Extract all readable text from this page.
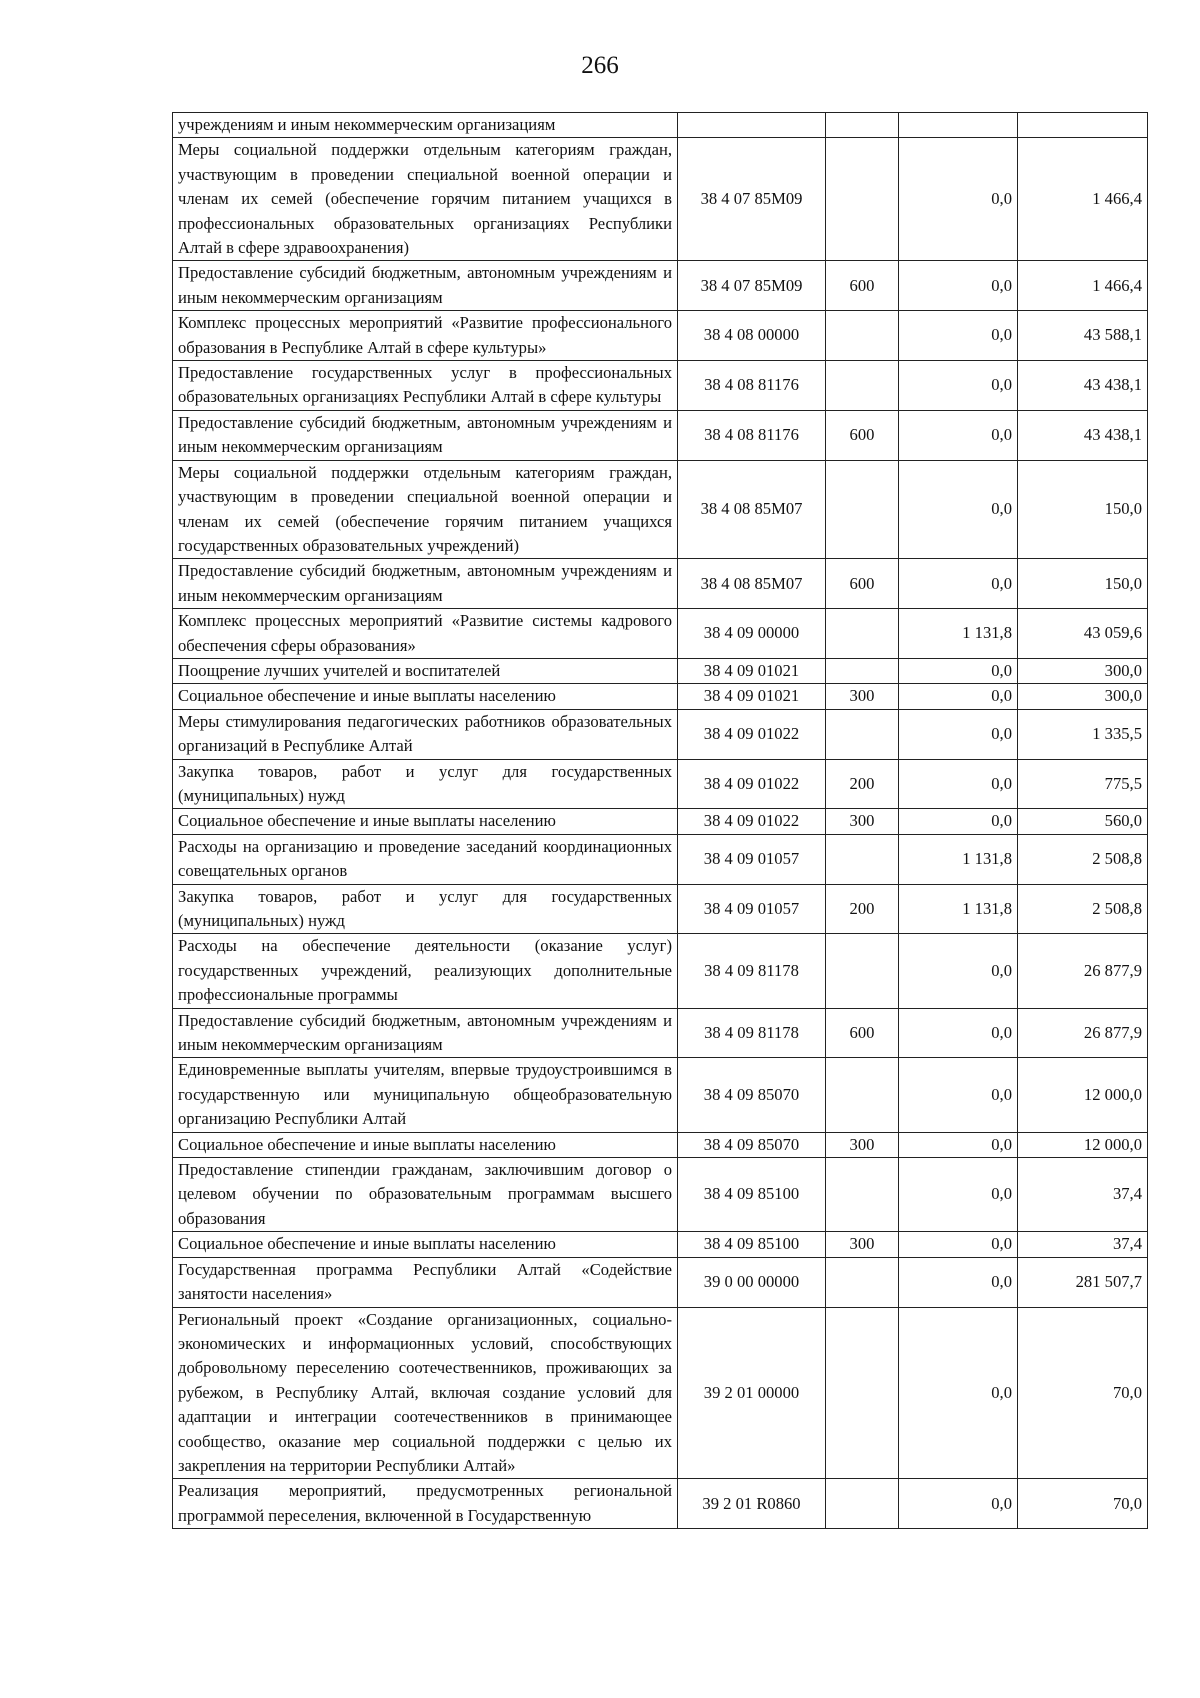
266
учреждениям и иным некоммерческим организациям				
Меры социальной поддержки отдельным категориям граждан, участвующим в проведении специальной военной операции и членам их семей (обеспечение горячим питанием учащихся в профессиональных образовательных организациях Республики Алтай в сфере здравоохранения)	38 4 07 85М09		0,0	1 466,4
Предоставление субсидий бюджетным, автономным учреждениям и иным некоммерческим организациям	38 4 07 85М09	600	0,0	1 466,4
Комплекс процессных мероприятий «Развитие профессионального образования в Республике Алтай в сфере культуры»	38 4 08 00000		0,0	43 588,1
Предоставление государственных услуг в профессиональных образовательных организациях Республики Алтай в сфере культуры	38 4 08 81176		0,0	43 438,1
Предоставление субсидий бюджетным, автономным учреждениям и иным некоммерческим организациям	38 4 08 81176	600	0,0	43 438,1
Меры социальной поддержки отдельным категориям граждан, участвующим в проведении специальной военной операции и членам их семей (обеспечение горячим питанием учащихся государственных образовательных учреждений)	38 4 08 85М07		0,0	150,0
Предоставление субсидий бюджетным, автономным учреждениям и иным некоммерческим организациям	38 4 08 85М07	600	0,0	150,0
Комплекс процессных мероприятий «Развитие системы кадрового обеспечения сферы образования»	38 4 09 00000		1 131,8	43 059,6
Поощрение лучших учителей и воспитателей	38 4 09 01021		0,0	300,0
Социальное обеспечение и иные выплаты населению	38 4 09 01021	300	0,0	300,0
Меры стимулирования педагогических работников образовательных организаций в Республике Алтай	38 4 09 01022		0,0	1 335,5
Закупка товаров, работ и услуг для государственных (муниципальных) нужд	38 4 09 01022	200	0,0	775,5
Социальное обеспечение и иные выплаты населению	38 4 09 01022	300	0,0	560,0
Расходы на организацию и проведение заседаний координационных совещательных органов	38 4 09 01057		1 131,8	2 508,8
Закупка товаров, работ и услуг для государственных (муниципальных) нужд	38 4 09 01057	200	1 131,8	2 508,8
Расходы на обеспечение деятельности (оказание услуг) государственных учреждений, реализующих дополнительные профессиональные программы	38 4 09 81178		0,0	26 877,9
Предоставление субсидий бюджетным, автономным учреждениям и иным некоммерческим организациям	38 4 09 81178	600	0,0	26 877,9
Единовременные выплаты учителям, впервые трудоустроившимся в государственную или муниципальную общеобразовательную организацию Республики Алтай	38 4 09 85070		0,0	12 000,0
Социальное обеспечение и иные выплаты населению	38 4 09 85070	300	0,0	12 000,0
Предоставление стипендии гражданам, заключившим договор о целевом обучении по образовательным программам высшего образования	38 4 09 85100		0,0	37,4
Социальное обеспечение и иные выплаты населению	38 4 09 85100	300	0,0	37,4
Государственная программа Республики Алтай «Содействие занятости населения»	39 0 00 00000		0,0	281 507,7
Региональный проект «Создание организационных, социально-экономических и информационных условий, способствующих добровольному переселению соотечественников, проживающих за рубежом, в Республику Алтай, включая создание условий для адаптации и интеграции соотечественников в принимающее сообщество, оказание мер социальной поддержки с целью их закрепления на территории Республики Алтай»	39 2 01 00000		0,0	70,0
Реализация мероприятий, предусмотренных региональной программой переселения, включенной в Государственную	39 2 01 R0860		0,0	70,0
